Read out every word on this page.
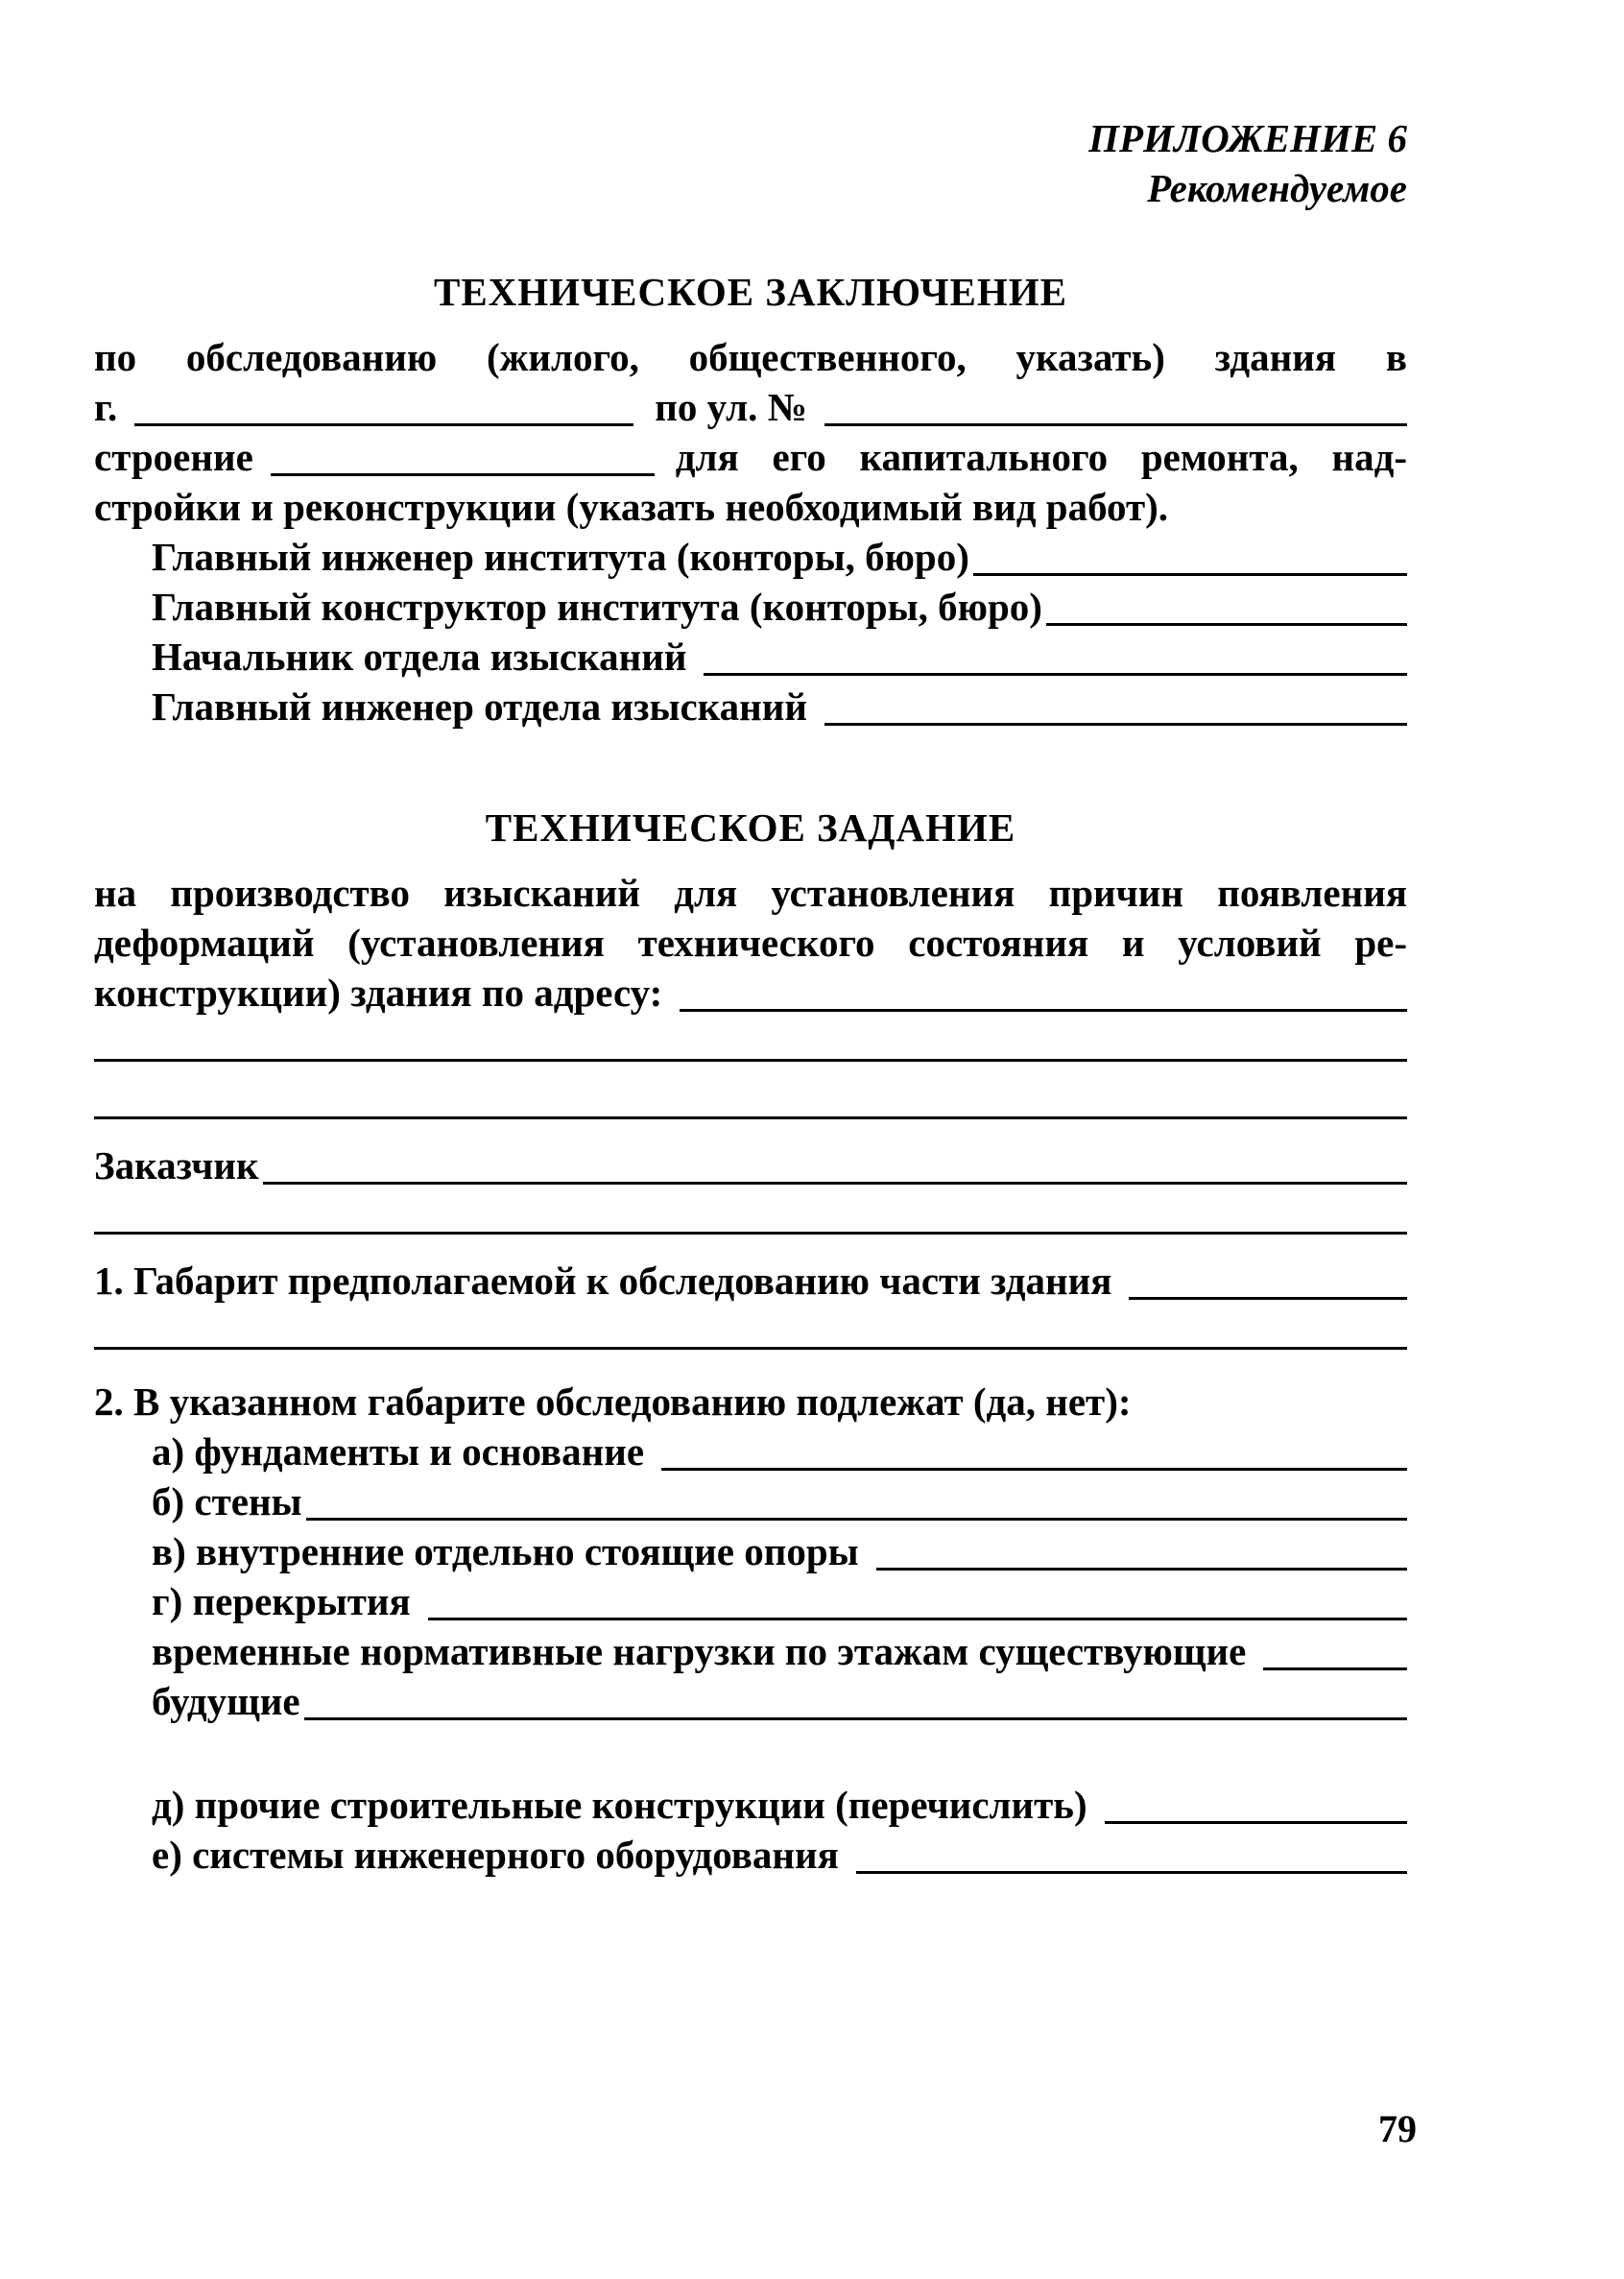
ПРИЛОЖЕНИЕ 6
Рекомендуемое
ТЕХНИЧЕСКОЕ ЗАКЛЮЧЕНИЕ
по обследованию (жилого, общественного, указать) здания в
г.	по ул. №
строение	для его капитального ремонта, над-
стройки и реконструкции (указать необходимый вид работ).
Главный инженер института (конторы, бюро)
Главный конструктор института (конторы, бюро)
Начальник отдела изысканий
Главный инженер отдела изысканий
ТЕХНИЧЕСКОЕ ЗАДАНИЕ
на производство изысканий для установления причин появления
деформаций (установления технического состояния и условий ре-
конструкции) здания по адресу:
Заказчик
1. Габарит предполагаемой к обследованию части здания
2. В указанном габарите обследованию подлежат (да, нет):
а) фундаменты и основание
б) стены
в) внутренние отдельно стоящие опоры
г) перекрытия
временные нормативные нагрузки по этажам существующие
будущие
д) прочие строительные конструкции (перечислить)
е) системы инженерного оборудования
79
